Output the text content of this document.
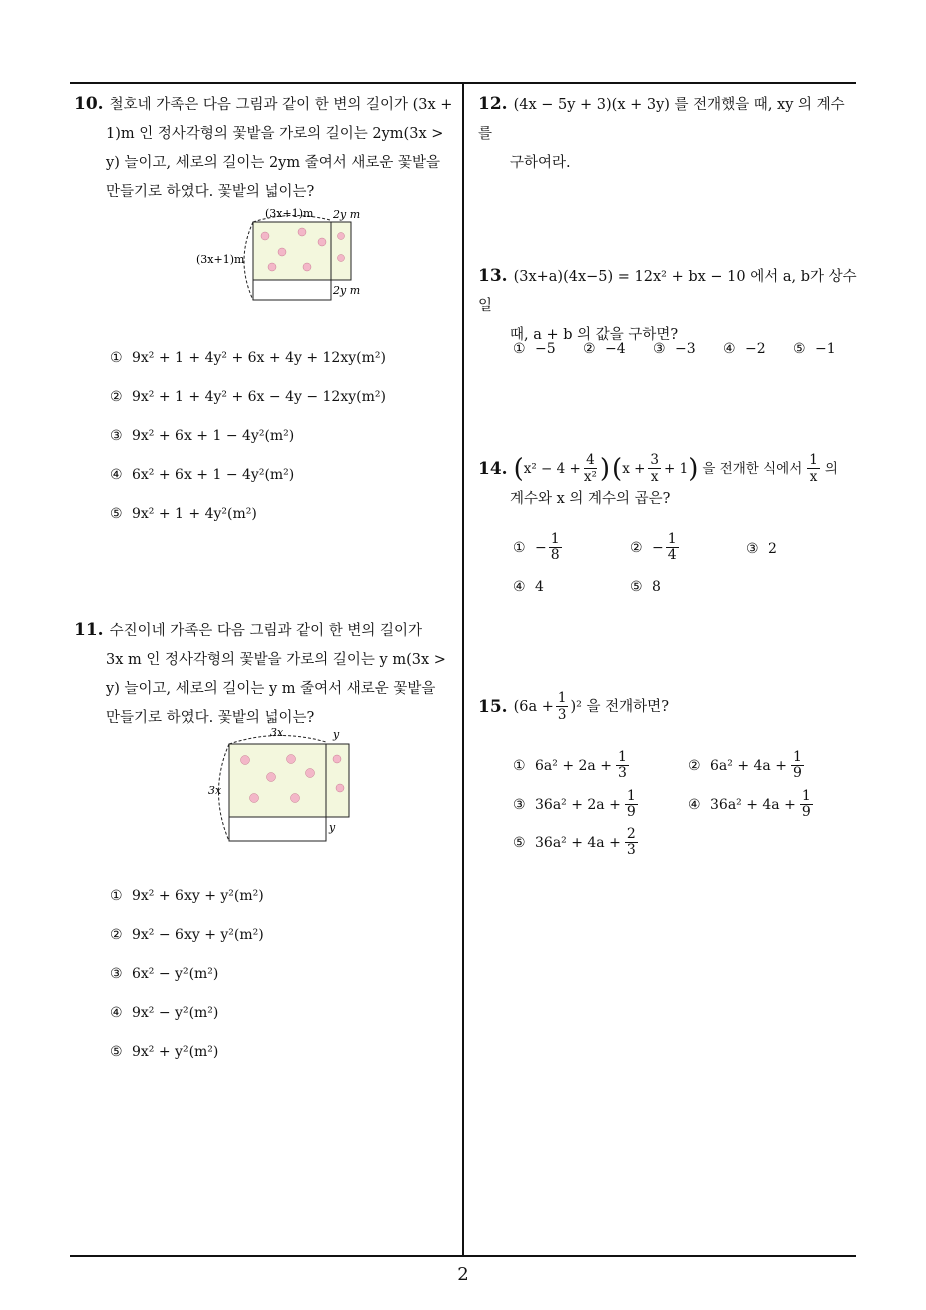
10. 철호네 가족은 다음 그림과 같이 한 변의 길이가 (3x +
1)m 인 정사각형의 꽃밭을 가로의 길이는 2ym(3x >
y) 늘이고, 세로의 길이는 2ym 줄여서 새로운 꽃밭을
만들기로 하였다. 꽃밭의 넓이는?
(3x+1)m
(3x+1)m
2y m
2y m
① 9x² + 1 + 4y² + 6x + 4y + 12xy(m²)
② 9x² + 1 + 4y² + 6x − 4y − 12xy(m²)
③ 9x² + 6x + 1 − 4y²(m²)
④ 6x² + 6x + 1 − 4y²(m²)
⑤ 9x² + 1 + 4y²(m²)
11. 수진이네 가족은 다음 그림과 같이 한 변의 길이가
3x m 인 정사각형의 꽃밭을 가로의 길이는 y m(3x >
y) 늘이고, 세로의 길이는 y m 줄여서 새로운 꽃밭을
만들기로 하였다. 꽃밭의 넓이는?
3x
3x
y
y
① 9x² + 6xy + y²(m²)
② 9x² − 6xy + y²(m²)
③ 6x² − y²(m²)
④ 9x² − y²(m²)
⑤ 9x² + y²(m²)
12. (4x − 5y + 3)(x + 3y) 를 전개했을 때, xy 의 계수를
구하여라.
13. (3x+a)(4x−5) = 12x² + bx − 10 에서 a, b가 상수일
때, a + b 의 값을 구하면?
① −5 ② −4 ③ −3 ④ −2 ⑤ −1
14. ( $x^2 - 4 + \frac{4}{\text{x²}}$ ) ( $x + \frac{3}{x} + 1$ ) 을 전개한 식에서
1
x
의
계수와 x 의 계수의 곱은?
① − $\frac{1}{8}$	② − $\frac{1}{4}$	③ 2
④ 4	⑤ 8
15. $(6a + \frac{1}{3} )^2$ 을 전개하면?
① $6a^2 + 2a + \frac{1}{3}$	② $6a^2 + 4a + \frac{1}{9}$
③ $36a^2 + 2a + \frac{1}{9}$	④ $36a^2 + 4a + \frac{1}{9}$
⑤ $36a^2 + 4a + \frac{2}{3}$
2
